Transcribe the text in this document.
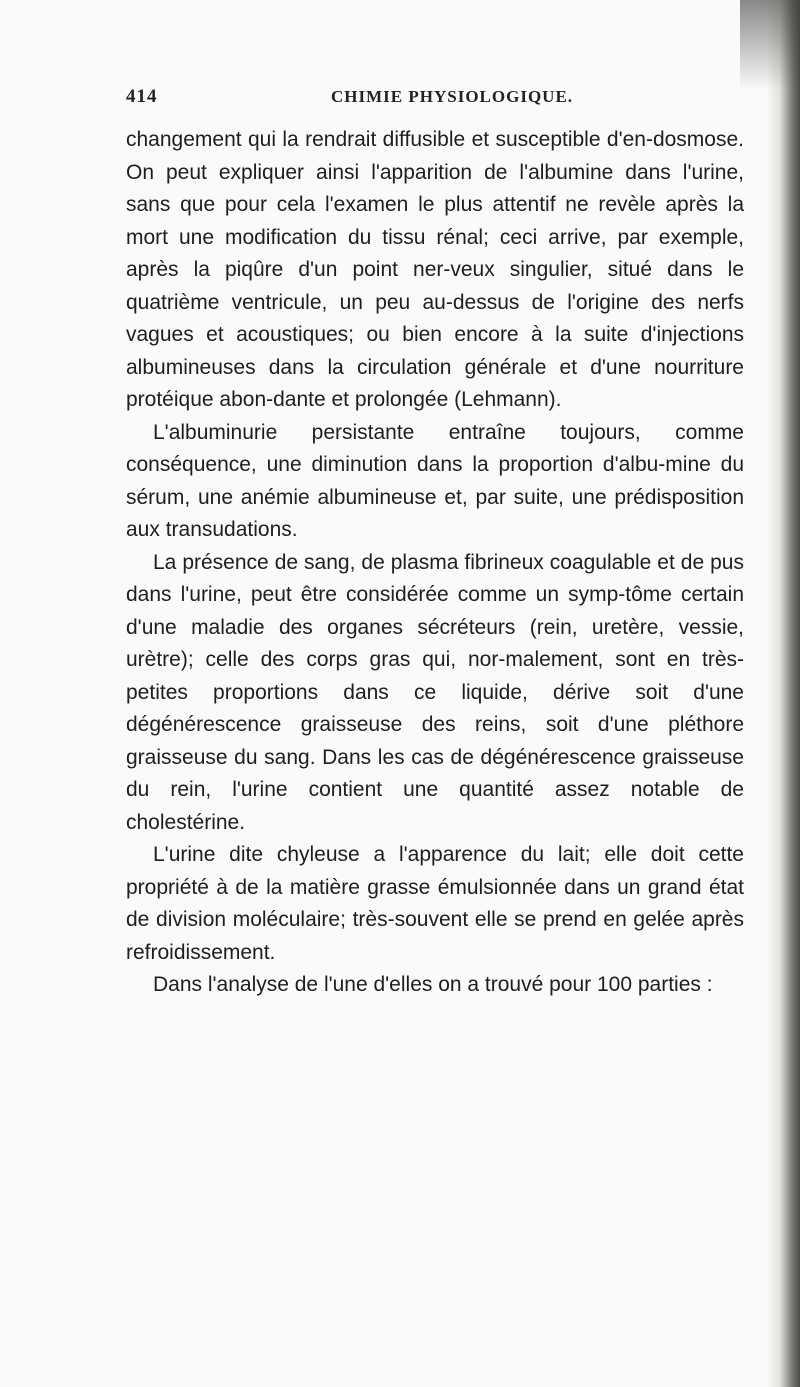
414	CHIMIE PHYSIOLOGIQUE.

changement qui la rendrait diffusible et susceptible d'en-dosmose. On peut expliquer ainsi l'apparition de l'albumine dans l'urine, sans que pour cela l'examen le plus attentif ne revèle après la mort une modification du tissu rénal; ceci arrive, par exemple, après la piqûre d'un point ner-veux singulier, situé dans le quatrième ventricule, un peu au-dessus de l'origine des nerfs vagues et acoustiques; ou bien encore à la suite d'injections albumineuses dans la circulation générale et d'une nourriture protéique abon-dante et prolongée (Lehmann).

L'albuminurie persistante entraîne toujours, comme conséquence, une diminution dans la proportion d'albu-mine du sérum, une anémie albumineuse et, par suite, une prédisposition aux transudations.

La présence de sang, de plasma fibrineux coagulable et de pus dans l'urine, peut être considérée comme un symp-tôme certain d'une maladie des organes sécréteurs (rein, uretère, vessie, urètre); celle des corps gras qui, nor-malement, sont en très-petites proportions dans ce liquide, dérive soit d'une dégénérescence graisseuse des reins, soit d'une pléthore graisseuse du sang. Dans les cas de dégénérescence graisseuse du rein, l'urine contient une quantité assez notable de cholestérine.

L'urine dite chyleuse a l'apparence du lait; elle doit cette propriété à de la matière grasse émulsionnée dans un grand état de division moléculaire; très-souvent elle se prend en gelée après refroidissement.

Dans l'analyse de l'une d'elles on a trouvé pour 100 parties :
